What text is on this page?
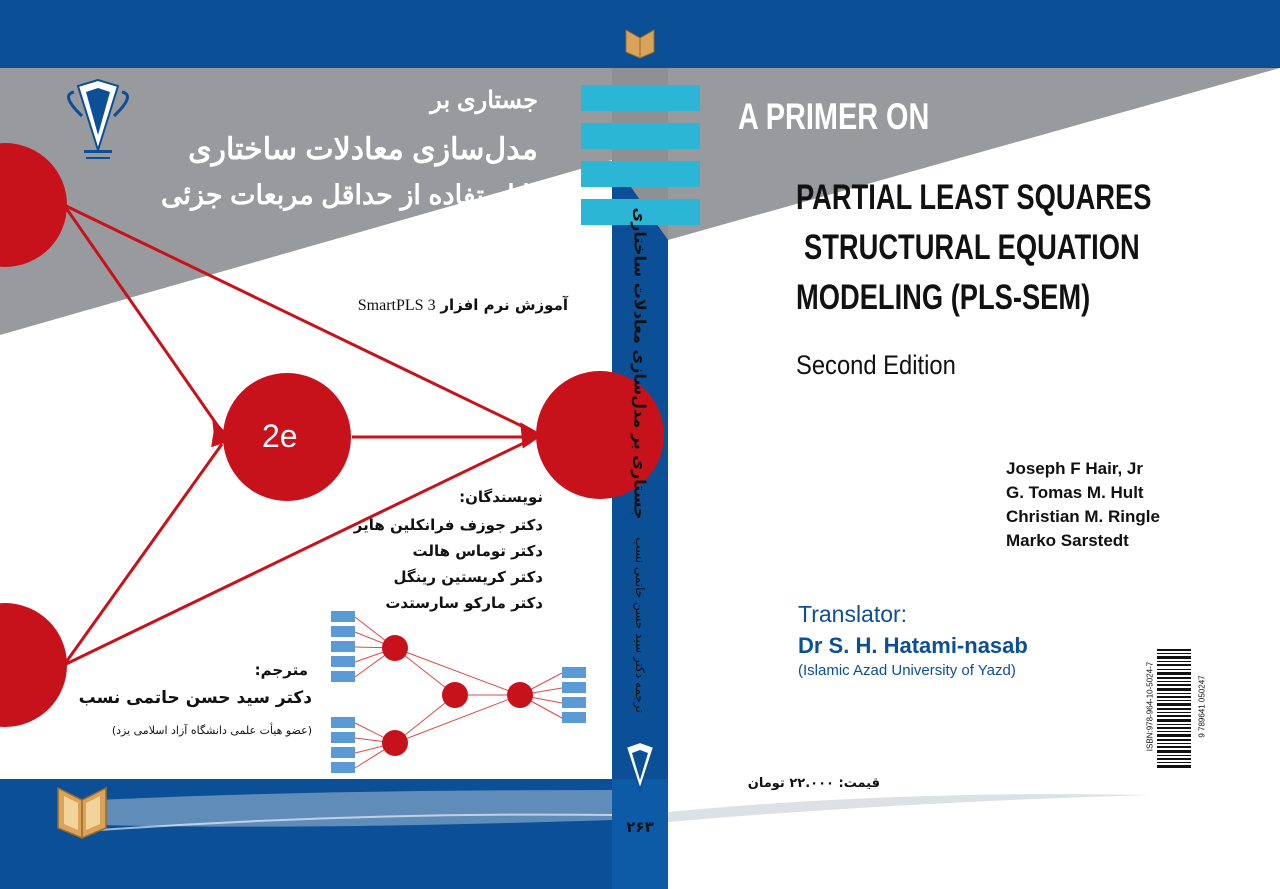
جستاری بر
مدل‌سازی معادلات ساختاری
با استفاده از حداقل مربعات جزئی
آموزش نرم افزار SmartPLS 3
2e
نویسندگان:
دکتر جوزف فرانکلین هایر
دکتر توماس هالت
دکتر کریستین رینگل
دکتر مارکو سارستدت
مترجم:
دکتر سید حسن حاتمی نسب
(عضو هیأت علمی دانشگاه آزاد اسلامی یزد)
جستاری بر مدل‌سازی معادلات ساختاری
ترجمه دکتر سید حسن حاتمی نسب
۲۶۳
A PRIMER ON
PARTIAL LEAST SQUARES
STRUCTURAL EQUATION
MODELING (PLS-SEM)
Second Edition
Joseph F Hair, Jr
G. Tomas M. Hult
Christian M. Ringle
Marko Sarstedt
Translator:
Dr S. H. Hatami-nasab
(Islamic Azad University of Yazd)
قیمت: ۲۲.۰۰۰ تومان
ISBN:978-964-10-5024-7	9 789641 050247
